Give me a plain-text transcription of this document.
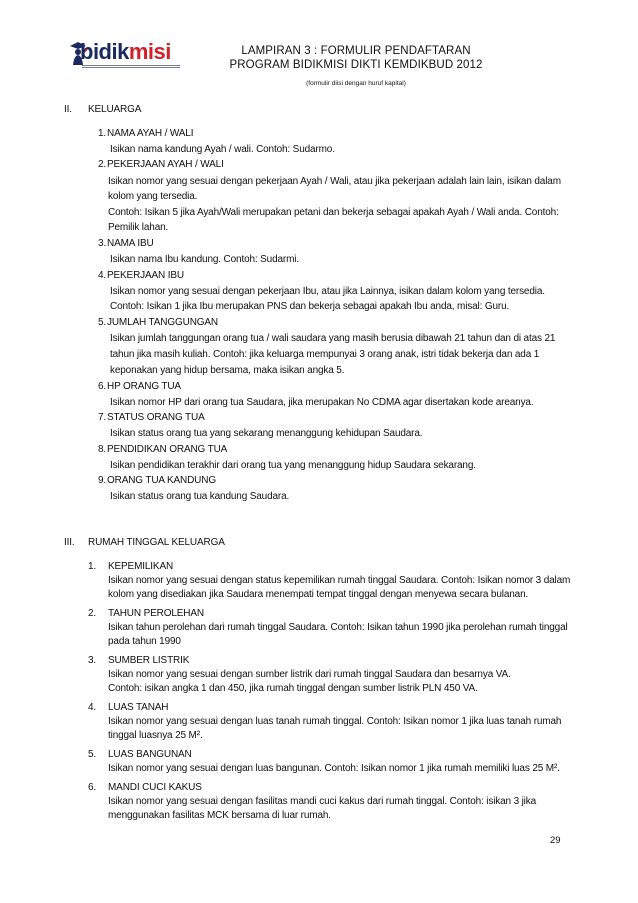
bidikmisi	LAMPIRAN 3 : FORMULIR PENDAFTARAN
PROGRAM BIDIKMISI DIKTI KEMDIKBUD 2012
(formulir diisi dengan huruf kapital)
II. KELUARGA
1. NAMA AYAH / WALI
Isikan nama kandung Ayah / wali. Contoh: Sudarmo.
2. PEKERJAAN AYAH / WALI
Isikan nomor yang sesuai dengan pekerjaan Ayah / Wali, atau jika pekerjaan adalah lain lain, isikan dalam
kolom yang tersedia.
Contoh: Isikan 5 jika Ayah/Wali merupakan petani dan bekerja sebagai apakah Ayah / Wali anda. Contoh:
Pemilik lahan.
3. NAMA IBU
Isikan nama Ibu kandung. Contoh: Sudarmi.
4. PEKERJAAN IBU
Isikan nomor yang sesuai dengan pekerjaan Ibu, atau jika Lainnya, isikan dalam kolom yang tersedia.
Contoh: Isikan 1 jika Ibu merupakan PNS dan bekerja sebagai apakah Ibu anda, misal: Guru.
5. JUMLAH TANGGUNGAN
Isikan jumlah tanggungan orang tua / wali saudara yang masih berusia dibawah 21 tahun dan di atas 21
tahun jika masih kuliah. Contoh: jika keluarga mempunyai 3 orang anak, istri tidak bekerja dan ada 1
keponakan yang hidup bersama, maka isikan angka 5.
6. HP ORANG TUA
Isikan nomor HP dari orang tua Saudara, jika merupakan No CDMA agar disertakan kode areanya.
7. STATUS ORANG TUA
Isikan status orang tua yang sekarang menanggung kehidupan Saudara.
8. PENDIDIKAN ORANG TUA
Isikan pendidikan terakhir dari orang tua yang menanggung hidup Saudara sekarang.
9. ORANG TUA KANDUNG
Isikan status orang tua kandung Saudara.
III. RUMAH TINGGAL KELUARGA
1. KEPEMILIKAN
Isikan nomor yang sesuai dengan status kepemilikan rumah tinggal Saudara. Contoh: Isikan nomor 3 dalam
kolom yang disediakan jika Saudara menempati tempat tinggal dengan menyewa secara bulanan.
2. TAHUN PEROLEHAN
Isikan tahun perolehan dari rumah tinggal Saudara. Contoh: Isikan tahun 1990 jika perolehan rumah tinggal
pada tahun 1990
3. SUMBER LISTRIK
Isikan nomor yang sesuai dengan sumber listrik dari rumah tinggal Saudara dan besarnya VA.
Contoh: isikan angka 1 dan 450, jika rumah tinggal dengan sumber listrik PLN 450 VA.
4. LUAS TANAH
Isikan nomor yang sesuai dengan luas tanah rumah tinggal. Contoh: Isikan nomor 1 jika luas tanah rumah
tinggal luasnya 25 M².
5. LUAS BANGUNAN
Isikan nomor yang sesuai dengan luas bangunan. Contoh: Isikan nomor 1 jika rumah memiliki luas 25 M².
6. MANDI CUCI KAKUS
Isikan nomor yang sesuai dengan fasilitas mandi cuci kakus dari rumah tinggal. Contoh: isikan 3 jika
menggunakan fasilitas MCK bersama di luar rumah.
29
